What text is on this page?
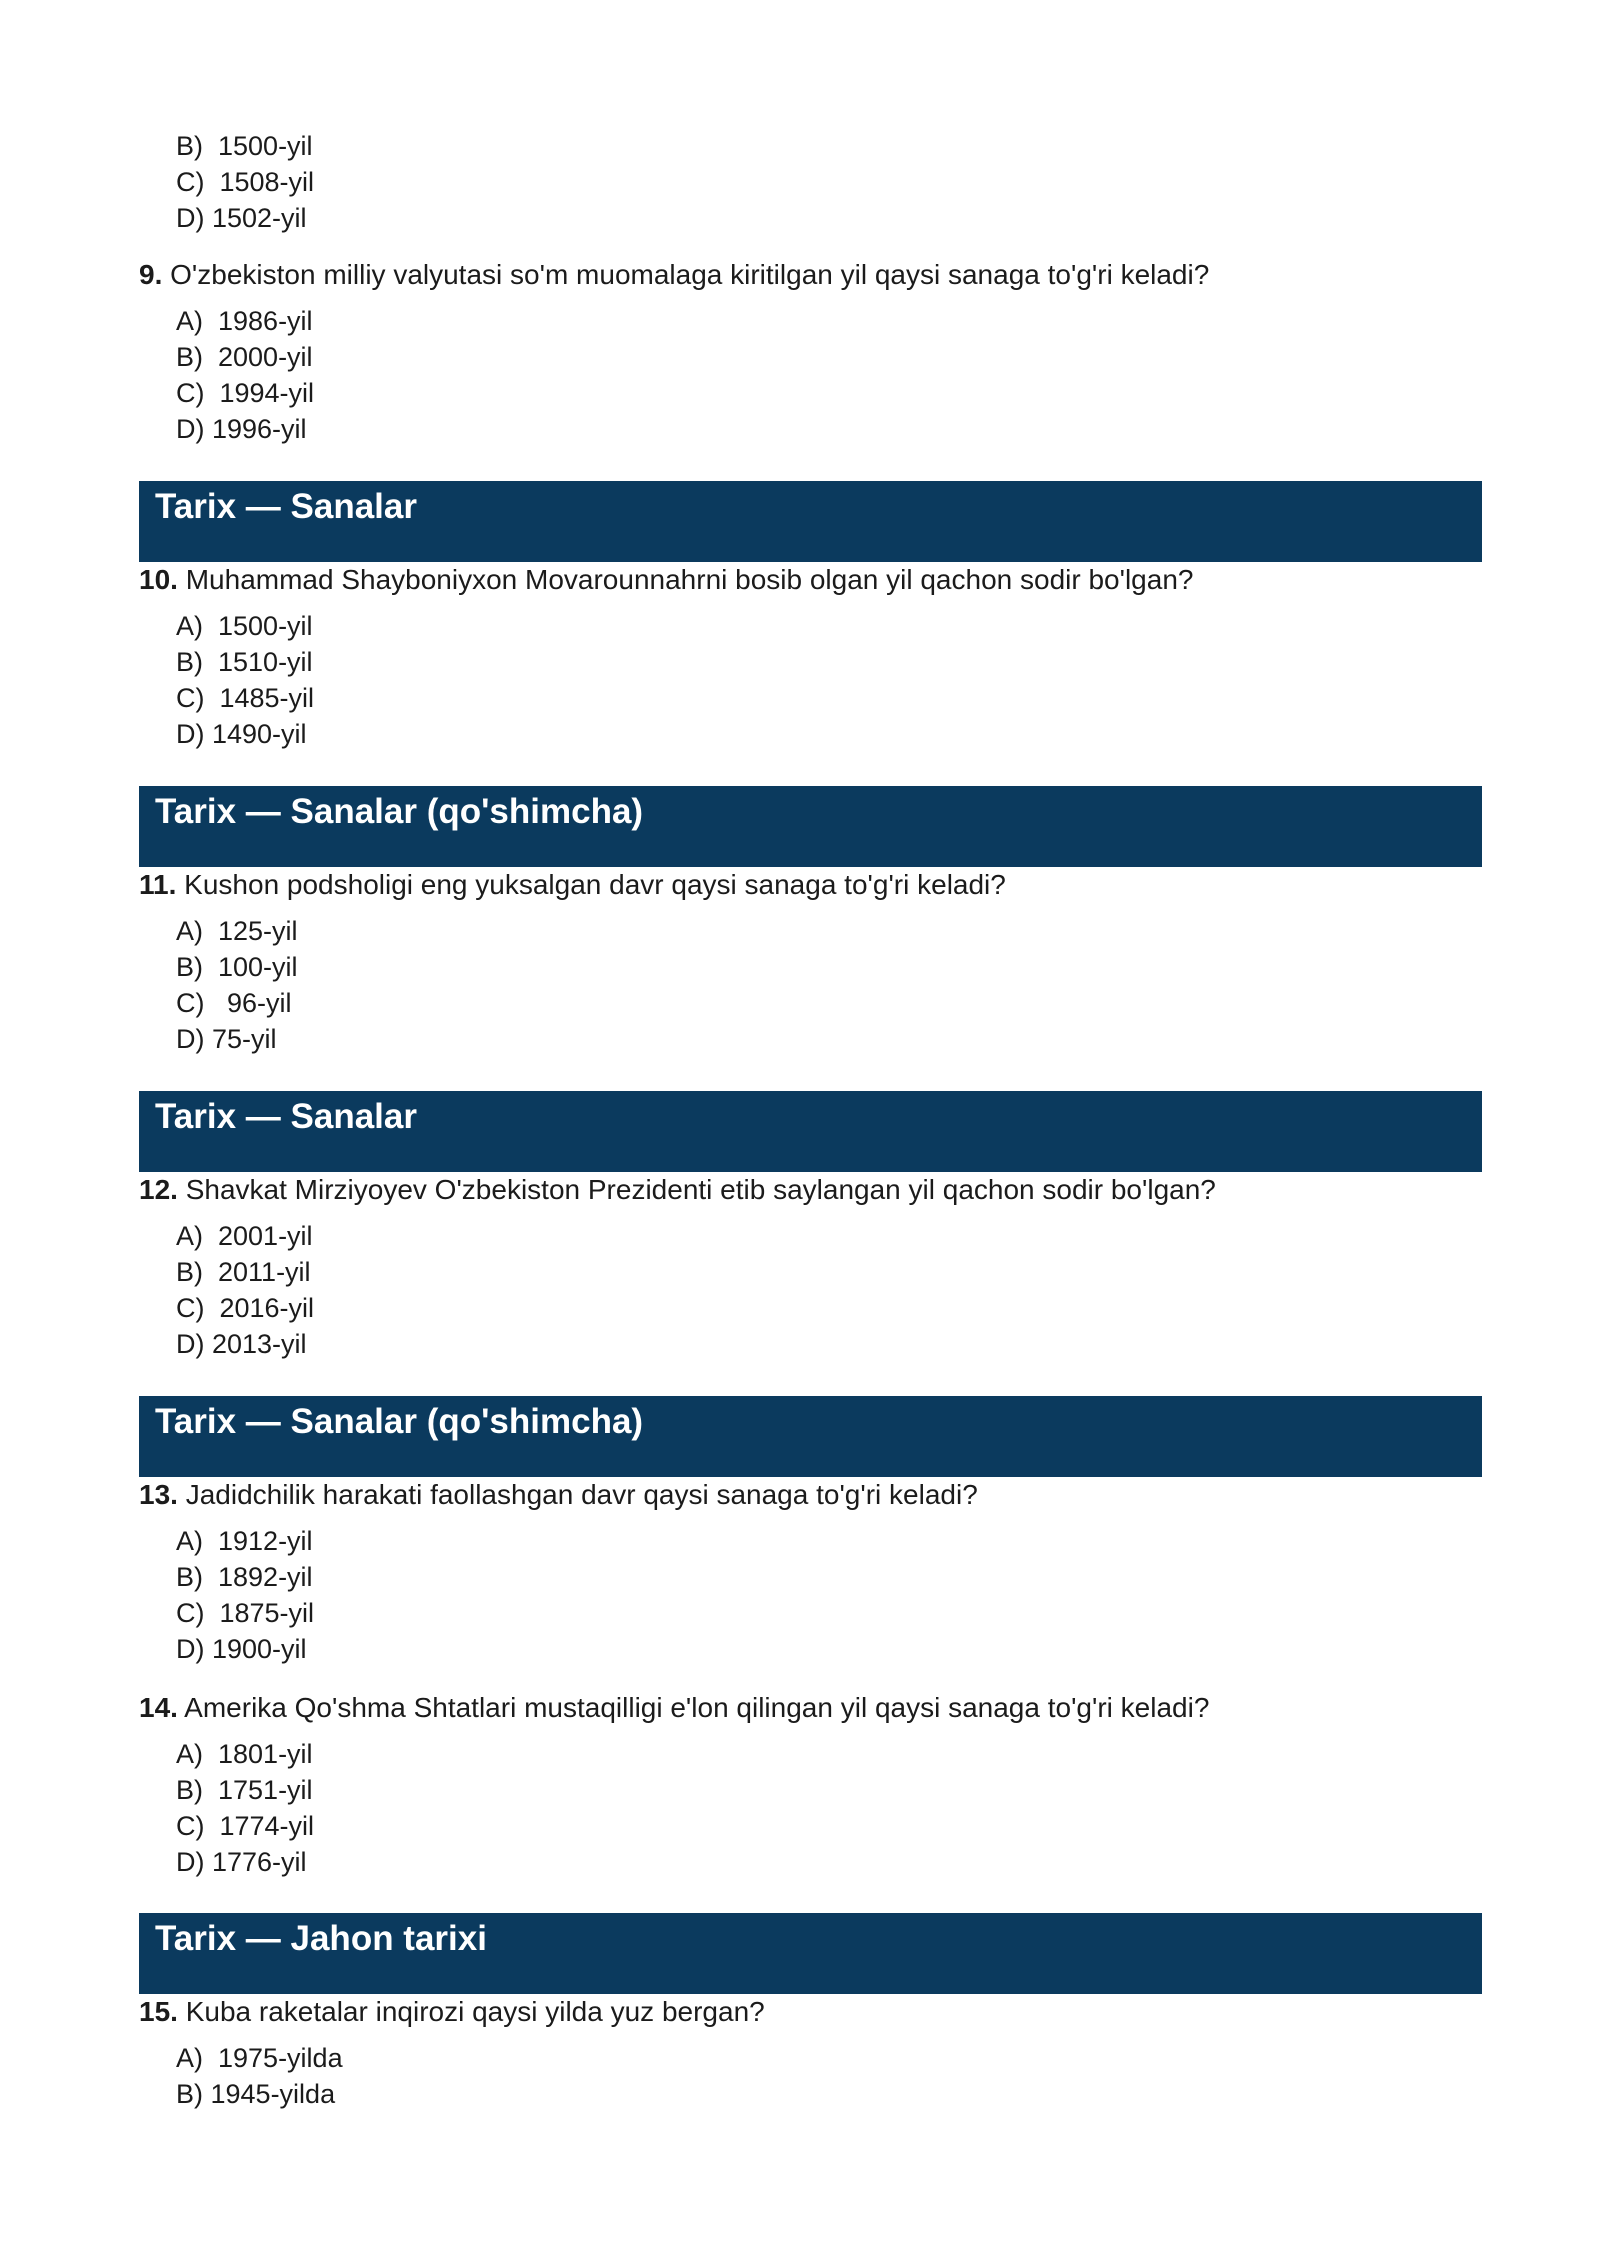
B)  1500-yil
C)  1508-yil
D) 1502-yil
9. O'zbekiston milliy valyutasi so'm muomalaga kiritilgan yil qaysi sanaga to'g'ri keladi?
A)  1986-yil
B)  2000-yil
C)  1994-yil
D) 1996-yil
Tarix — Sanalar
10. Muhammad Shayboniyxon Movarounnahrni bosib olgan yil qachon sodir bo'lgan?
A)  1500-yil
B)  1510-yil
C)  1485-yil
D) 1490-yil
Tarix — Sanalar (qo'shimcha)
11. Kushon podsholigi eng yuksalgan davr qaysi sanaga to'g'ri keladi?
A)  125-yil
B)  100-yil
C)   96-yil
D) 75-yil
Tarix — Sanalar
12. Shavkat Mirziyoyev O'zbekiston Prezidenti etib saylangan yil qachon sodir bo'lgan?
A)  2001-yil
B)  2011-yil
C)  2016-yil
D) 2013-yil
Tarix — Sanalar (qo'shimcha)
13. Jadidchilik harakati faollashgan davr qaysi sanaga to'g'ri keladi?
A)  1912-yil
B)  1892-yil
C)  1875-yil
D) 1900-yil
14. Amerika Qo'shma Shtatlari mustaqilligi e'lon qilingan yil qaysi sanaga to'g'ri keladi?
A)  1801-yil
B)  1751-yil
C)  1774-yil
D) 1776-yil
Tarix — Jahon tarixi
15. Kuba raketalar inqirozi qaysi yilda yuz bergan?
A)  1975-yilda
B) 1945-yilda
